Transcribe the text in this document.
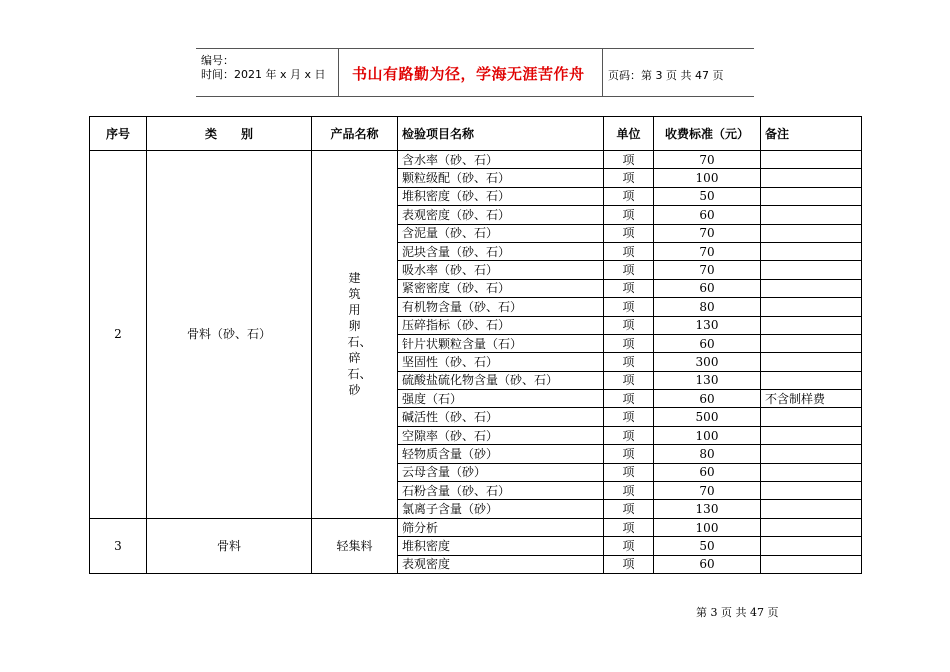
编号：
时间：2021 年 x 月 x 日 书山有路勤为径，学海无涯苦作舟 页码：第 3 页 共 47 页
序号	类　　别	产品名称	检验项目名称	单位	收费标准（元）	备注
2	骨料（砂、石）	建筑用卵石、碎石、砂	含水率（砂、石）	项	70	
			颗粒级配（砂、石）	项	100	
			堆积密度（砂、石）	项	50	
			表观密度（砂、石）	项	60	
			含泥量（砂、石）	项	70	
			泥块含量（砂、石）	项	70	
			吸水率（砂、石）	项	70	
			紧密密度（砂、石）	项	60	
			有机物含量（砂、石）	项	80	
			压碎指标（砂、石）	项	130	
			针片状颗粒含量（石）	项	60	
			坚固性（砂、石）	项	300	
			硫酸盐硫化物含量（砂、石）	项	130	
			强度（石）	项	60	不含制样费
			碱活性（砂、石）	项	500	
			空隙率（砂、石）	项	100	
			轻物质含量（砂）	项	80	
			云母含量（砂）	项	60	
			石粉含量（砂、石）	项	70	
			氯离子含量（砂）	项	130	
3	骨料	轻集料	筛分析	项	100	
			堆积密度	项	50	
			表观密度	项	60	
第 3 页 共 47 页
